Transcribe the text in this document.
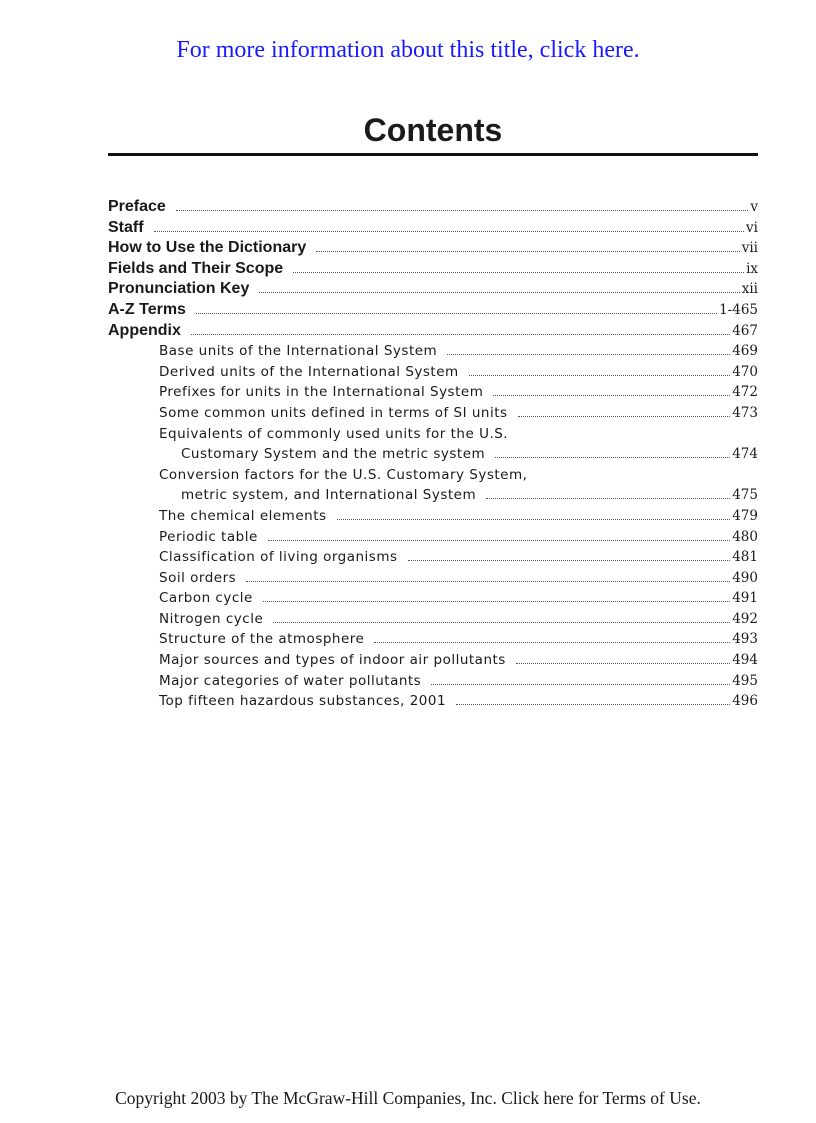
For more information about this title, click here.
Contents
Preface	v
Staff	vi
How to Use the Dictionary	vii
Fields and Their Scope	ix
Pronunciation Key	xii
A-Z Terms	1-465
Appendix	467
Base units of the International System	469
Derived units of the International System	470
Prefixes for units in the International System	472
Some common units defined in terms of SI units	473
Equivalents of commonly used units for the U.S.
Customary System and the metric system	474
Conversion factors for the U.S. Customary System,
metric system, and International System	475
The chemical elements	479
Periodic table	480
Classification of living organisms	481
Soil orders	490
Carbon cycle	491
Nitrogen cycle	492
Structure of the atmosphere	493
Major sources and types of indoor air pollutants	494
Major categories of water pollutants	495
Top fifteen hazardous substances, 2001	496
Copyright 2003 by The McGraw-Hill Companies, Inc. Click here for Terms of Use.
